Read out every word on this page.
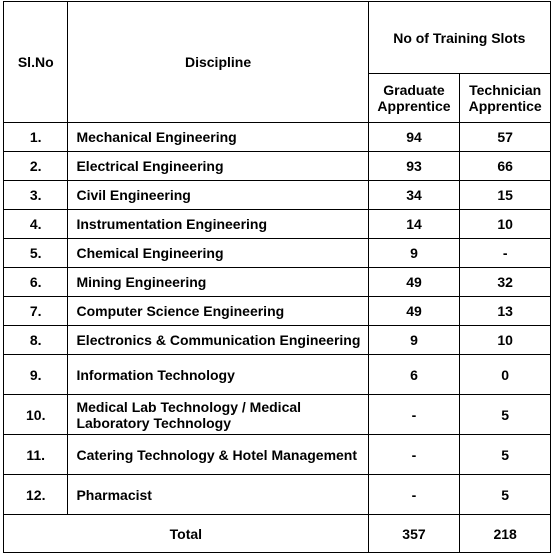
Sl.No	Discipline	No of Training Slots	
		Graduate Apprentice	Technician Apprentice
1.	Mechanical Engineering	94	57
2.	Electrical Engineering	93	66
3.	Civil Engineering	34	15
4.	Instrumentation Engineering	14	10
5.	Chemical Engineering	9	-
6.	Mining Engineering	49	32
7.	Computer Science Engineering	49	13
8.	Electronics & Communication Engineering	9	10
9.	Information Technology	6	0
10.	Medical Lab Technology / Medical Laboratory Technology	-	5
11.	Catering Technology & Hotel Management	-	5
12.	Pharmacist	-	5
Total		357	218
